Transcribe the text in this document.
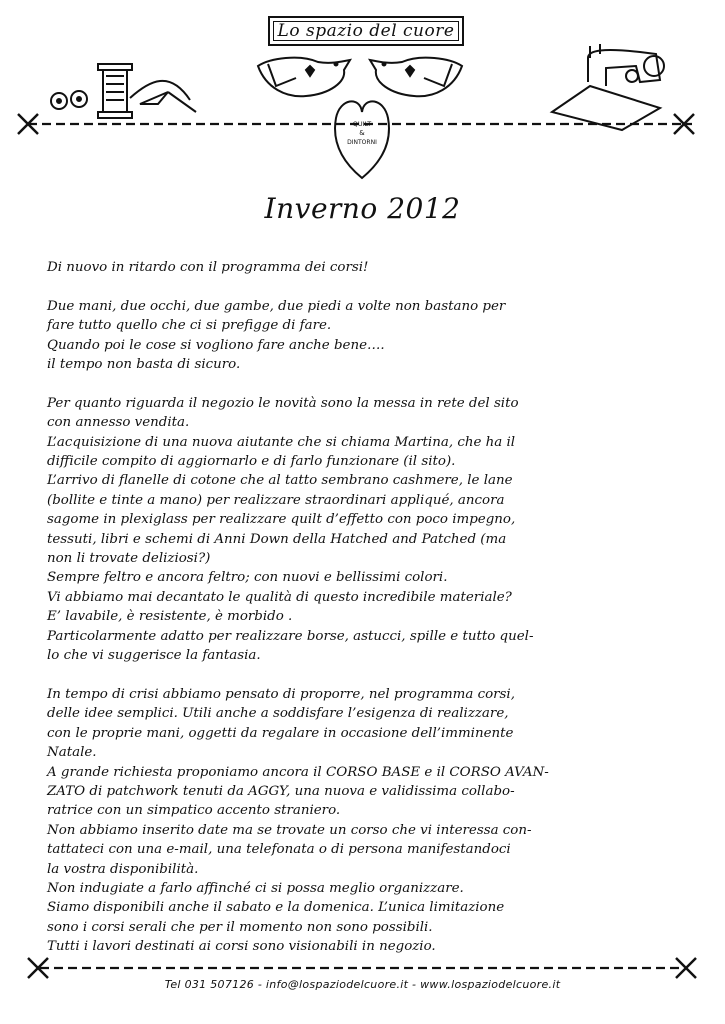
QUILT
&
DINTORNI
Lo spazio del cuore
Inverno 2012

Di nuovo in ritardo con il programma dei corsi!

Due mani, due occhi, due gambe, due piedi a volte non bastano per

fare tutto quello che ci si prefigge di fare.

Quando poi le cose si vogliono fare anche bene….

il tempo non basta di sicuro.

Per quanto riguarda il negozio le novità sono la messa in rete del sito

con annesso vendita.

L’acquisizione di una nuova aiutante che si chiama Martina, che ha il

difficile compito di aggiornarlo e di farlo funzionare (il sito).

L’arrivo di flanelle di cotone che al tatto sembrano cashmere, le lane

(bollite e tinte a mano) per realizzare straordinari appliqué, ancora

sagome in plexiglass per realizzare quilt d’effetto con poco impegno,

tessuti, libri e schemi di Anni Down della Hatched and Patched (ma

non li trovate deliziosi?)

Sempre feltro e ancora feltro; con nuovi e bellissimi colori.

Vi abbiamo mai decantato le qualità di questo incredibile materiale?

E’ lavabile, è resistente, è morbido .

Particolarmente adatto per realizzare borse, astucci, spille e tutto quel-

lo che vi suggerisce la fantasia.

In tempo di crisi abbiamo pensato di proporre, nel programma corsi,

delle idee semplici. Utili anche a soddisfare l’esigenza di realizzare,

con le proprie mani, oggetti da regalare in occasione dell’imminente

Natale.

A grande richiesta proponiamo ancora il CORSO BASE e il CORSO AVAN-

ZATO di patchwork tenuti da AGGY, una nuova e validissima collabo-

ratrice con un simpatico accento straniero.

Non abbiamo inserito date ma se trovate un corso che vi interessa con-

tattateci con una e-mail, una telefonata o di persona manifestandoci

la vostra disponibilità.

Non indugiate a farlo affinché ci si possa meglio organizzare.

Siamo disponibili anche il sabato e la domenica. L’unica limitazione

sono i corsi serali che per il momento non sono possibili.

Tutti i lavori destinati ai corsi sono visionabili in negozio.

Tel 031 507126 - info@lospaziodelcuore.it - www.lospaziodelcuore.it
